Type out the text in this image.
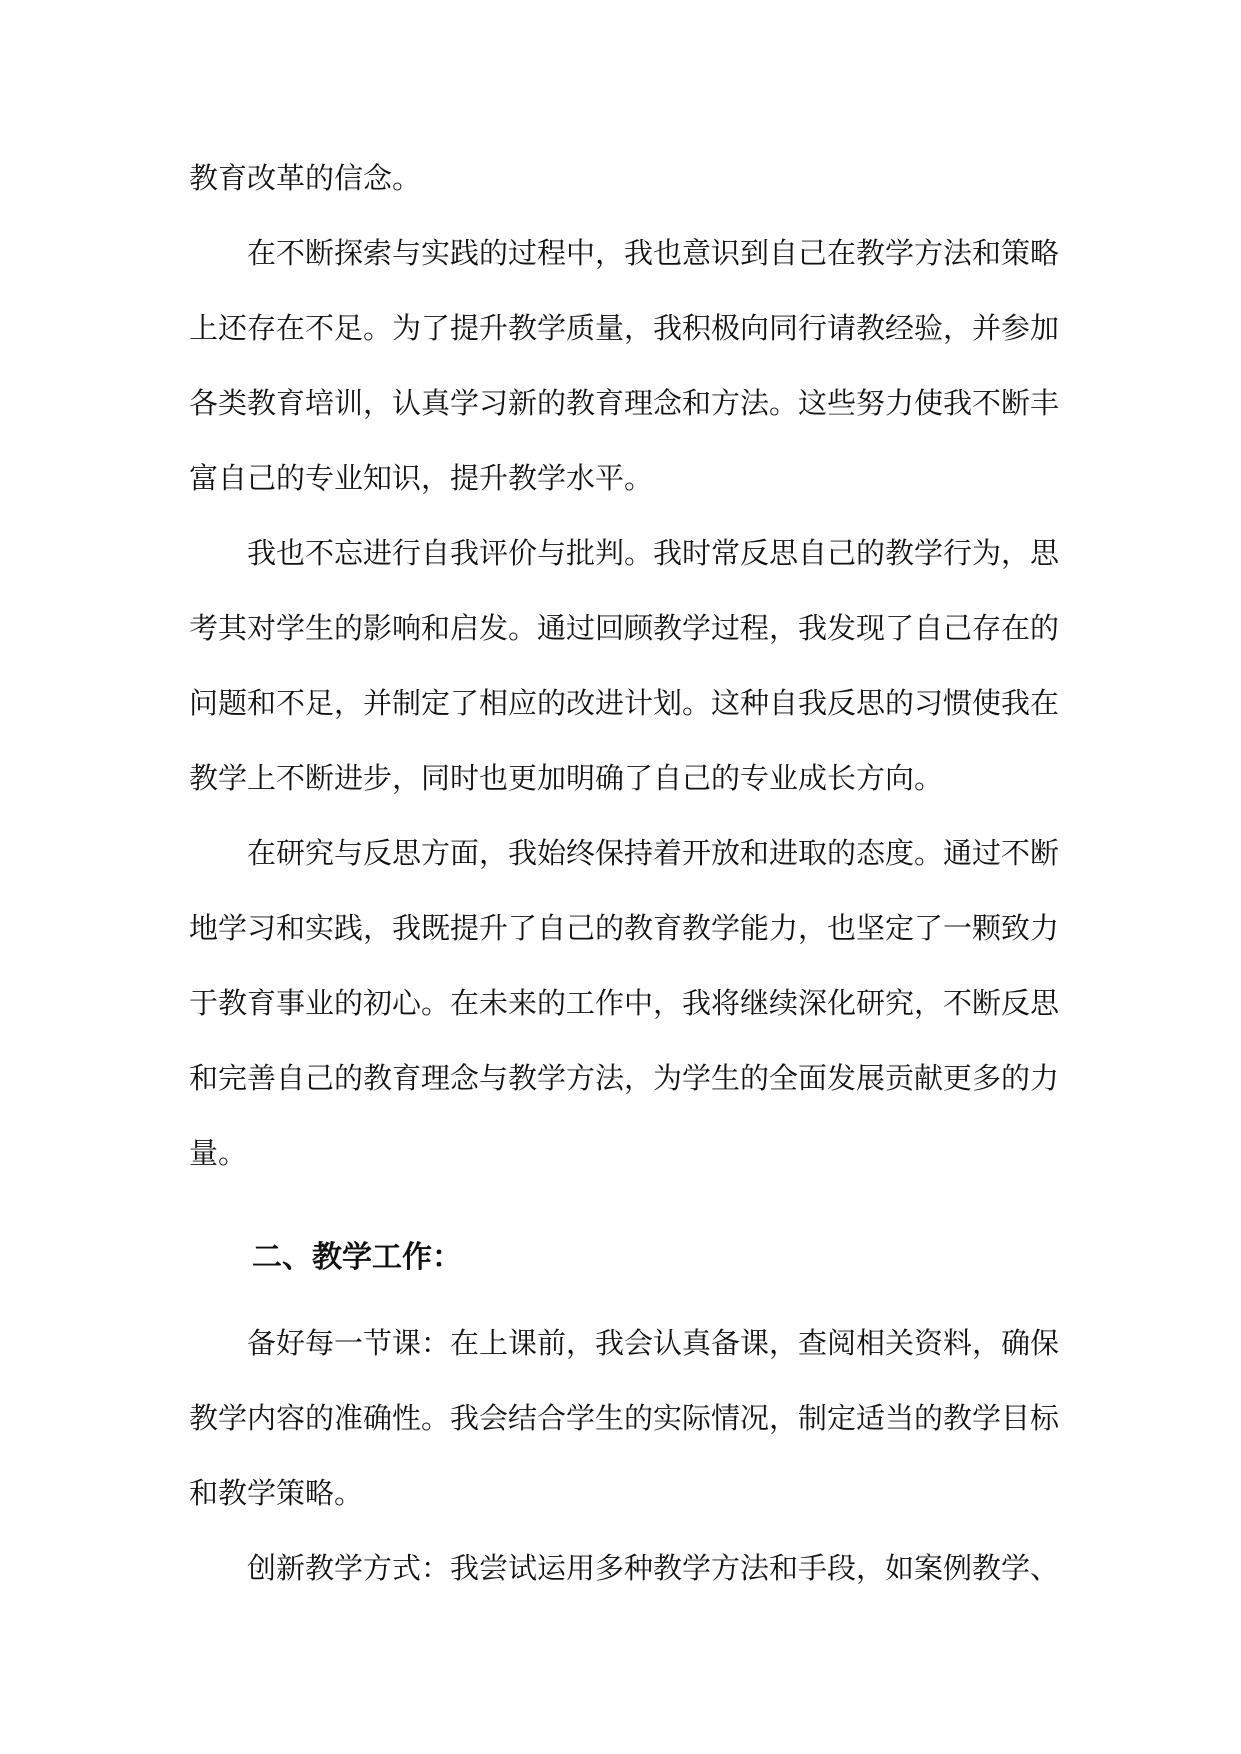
教育改革的信念。
在不断探索与实践的过程中，我也意识到自己在教学方法和策略
上还存在不足。为了提升教学质量，我积极向同行请教经验，并参加
各类教育培训，认真学习新的教育理念和方法。这些努力使我不断丰
富自己的专业知识，提升教学水平。
我也不忘进行自我评价与批判。我时常反思自己的教学行为，思
考其对学生的影响和启发。通过回顾教学过程，我发现了自己存在的
问题和不足，并制定了相应的改进计划。这种自我反思的习惯使我在
教学上不断进步，同时也更加明确了自己的专业成长方向。
在研究与反思方面，我始终保持着开放和进取的态度。通过不断
地学习和实践，我既提升了自己的教育教学能力，也坚定了一颗致力
于教育事业的初心。在未来的工作中，我将继续深化研究，不断反思
和完善自己的教育理念与教学方法，为学生的全面发展贡献更多的力
量。
二、教学工作：
备好每一节课：在上课前，我会认真备课，查阅相关资料，确保
教学内容的准确性。我会结合学生的实际情况，制定适当的教学目标
和教学策略。
创新教学方式：我尝试运用多种教学方法和手段，如案例教学、
